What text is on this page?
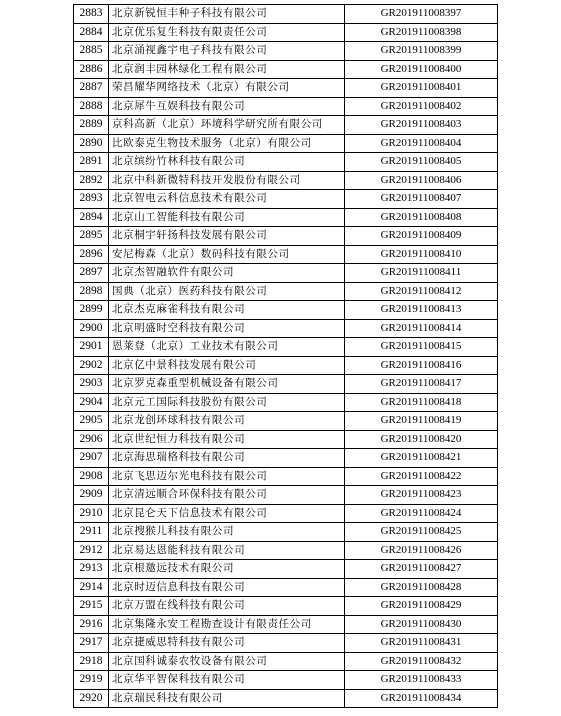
2883	北京新锐恒丰种子科技有限公司	GR201911008397
2884	北京优乐复生科技有限责任公司	GR201911008398
2885	北京涌视鑫宇电子科技有限公司	GR201911008399
2886	北京润丰园林绿化工程有限公司	GR201911008400
2887	荣昌耀华网络技术（北京）有限公司	GR201911008401
2888	北京犀牛互娱科技有限公司	GR201911008402
2889	京科高新（北京）环境科学研究所有限公司	GR201911008403
2890	比欧泰克生物技术服务（北京）有限公司	GR201911008404
2891	北京缤纷竹林科技有限公司	GR201911008405
2892	北京中科新微特科技开发股份有限公司	GR201911008406
2893	北京智电云科信息技术有限公司	GR201911008407
2894	北京山工智能科技有限公司	GR201911008408
2895	北京桐宇轩扬科技发展有限公司	GR201911008409
2896	安尼梅森（北京）数码科技有限公司	GR201911008410
2897	北京杰智融软件有限公司	GR201911008411
2898	国典（北京）医药科技有限公司	GR201911008412
2899	北京杰克麻雀科技有限公司	GR201911008413
2900	北京明盛时空科技有限公司	GR201911008414
2901	恩莱登（北京）工业技术有限公司	GR201911008415
2902	北京亿中景科技发展有限公司	GR201911008416
2903	北京罗克森重型机械设备有限公司	GR201911008417
2904	北京元工国际科技股份有限公司	GR201911008418
2905	北京龙创环球科技有限公司	GR201911008419
2906	北京世纪恒力科技有限公司	GR201911008420
2907	北京海思瑞格科技有限公司	GR201911008421
2908	北京飞思迈尔光电科技有限公司	GR201911008422
2909	北京清远顺合环保科技有限公司	GR201911008423
2910	北京昆仑天下信息技术有限公司	GR201911008424
2911	北京搜猴儿科技有限公司	GR201911008425
2912	北京易达恩能科技有限公司	GR201911008426
2913	北京根邀远技术有限公司	GR201911008427
2914	北京时迈信息科技有限公司	GR201911008428
2915	北京万盟在线科技有限公司	GR201911008429
2916	北京集隆永安工程勘查设计有限责任公司	GR201911008430
2917	北京捷威思特科技有限公司	GR201911008431
2918	北京国科诚泰农牧设备有限公司	GR201911008432
2919	北京华平智保科技有限公司	GR201911008433
2920	北京瑞民科技有限公司	GR201911008434
